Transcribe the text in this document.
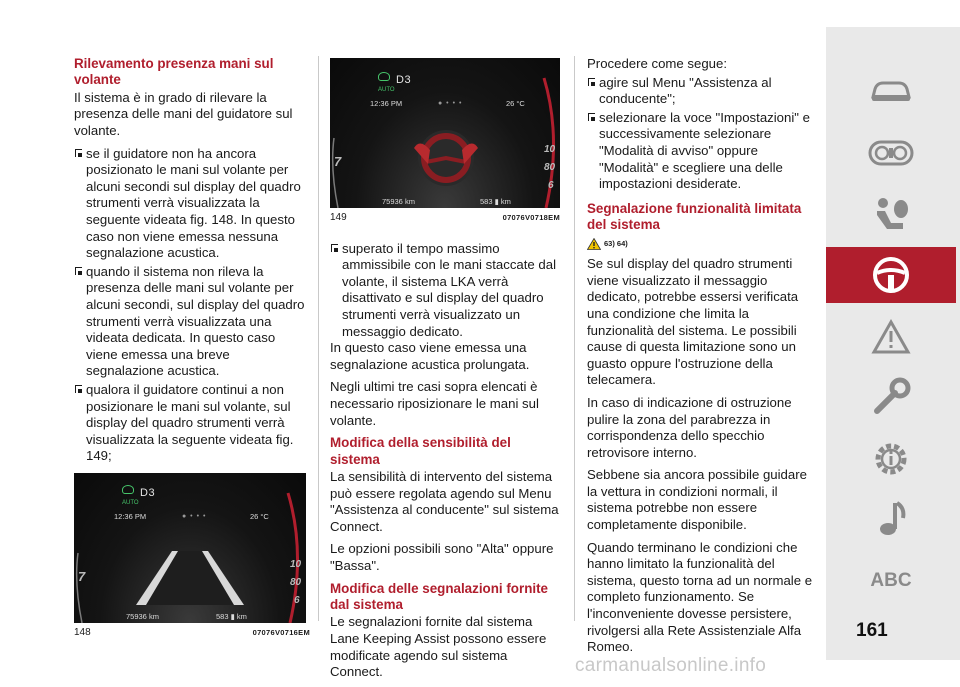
Rilevamento presenza mani sul volante

Il sistema è in grado di rilevare la presenza delle mani del guidatore sul volante.

se il guidatore non ha ancora posizionato le mani sul volante per alcuni secondi sul display del quadro strumenti verrà visualizzata la seguente videata fig. 148. In questo caso non viene emessa nessuna segnalazione acustica.

quando il sistema non rileva la presenza delle mani sul volante per alcuni secondi, sul display del quadro strumenti verrà visualizzata una videata dedicata. In questo caso viene emessa una breve segnalazione acustica.

qualora il guidatore continui a non posizionare le mani sul volante, sul display del quadro strumenti verrà visualizzata la seguente videata fig. 149;

AUTO
D3
12:36 PM	● • • •	26 °C
75936 km	583 ▮ km
7
10
80
6
148	07076V0716EM
AUTO
D3
12:36 PM	● • • •	26 °C
75936 km	583 ▮ km
7
10
80
6
149	07076V0718EM

superato il tempo massimo ammissibile con le mani staccate dal volante, il sistema LKA verrà disattivato e sul display del quadro strumenti verrà visualizzato un messaggio dedicato.

In questo caso viene emessa una segnalazione acustica prolungata.

Negli ultimi tre casi sopra elencati è necessario riposizionare le mani sul volante.

Modifica della sensibilità del sistema

La sensibilità di intervento del sistema può essere regolata agendo sul Menu "Assistenza al conducente" sul sistema Connect.

Le opzioni possibili sono "Alta" oppure "Bassa".

Modifica delle segnalazioni fornite dal sistema

Le segnalazioni fornite dal sistema Lane Keeping Assist possono essere modificate agendo sul sistema Connect.

Procedere come segue:

agire sul Menu "Assistenza al conducente";

selezionare la voce "Impostazioni" e successivamente selezionare "Modalità di avviso" oppure "Modalità" e scegliere una delle impostazioni desiderate.

Segnalazione funzionalità limitata del sistema
63) 64)

Se sul display del quadro strumenti viene visualizzato il messaggio dedicato, potrebbe essersi verificata una condizione che limita la funzionalità del sistema. Le possibili cause di questa limitazione sono un guasto oppure l'ostruzione della telecamera.

In caso di indicazione di ostruzione pulire la zona del parabrezza in corrispondenza dello specchio retrovisore interno.

Sebbene sia ancora possibile guidare la vettura in condizioni normali, il sistema potrebbe non essere completamente disponibile.

Quando terminano le condizioni che hanno limitato la funzionalità del sistema, questo torna ad un normale e completo funzionamento. Se l'inconveniente dovesse persistere, rivolgersi alla Rete Assistenziale Alfa Romeo.

ABC
161
carmanualsonline.info
